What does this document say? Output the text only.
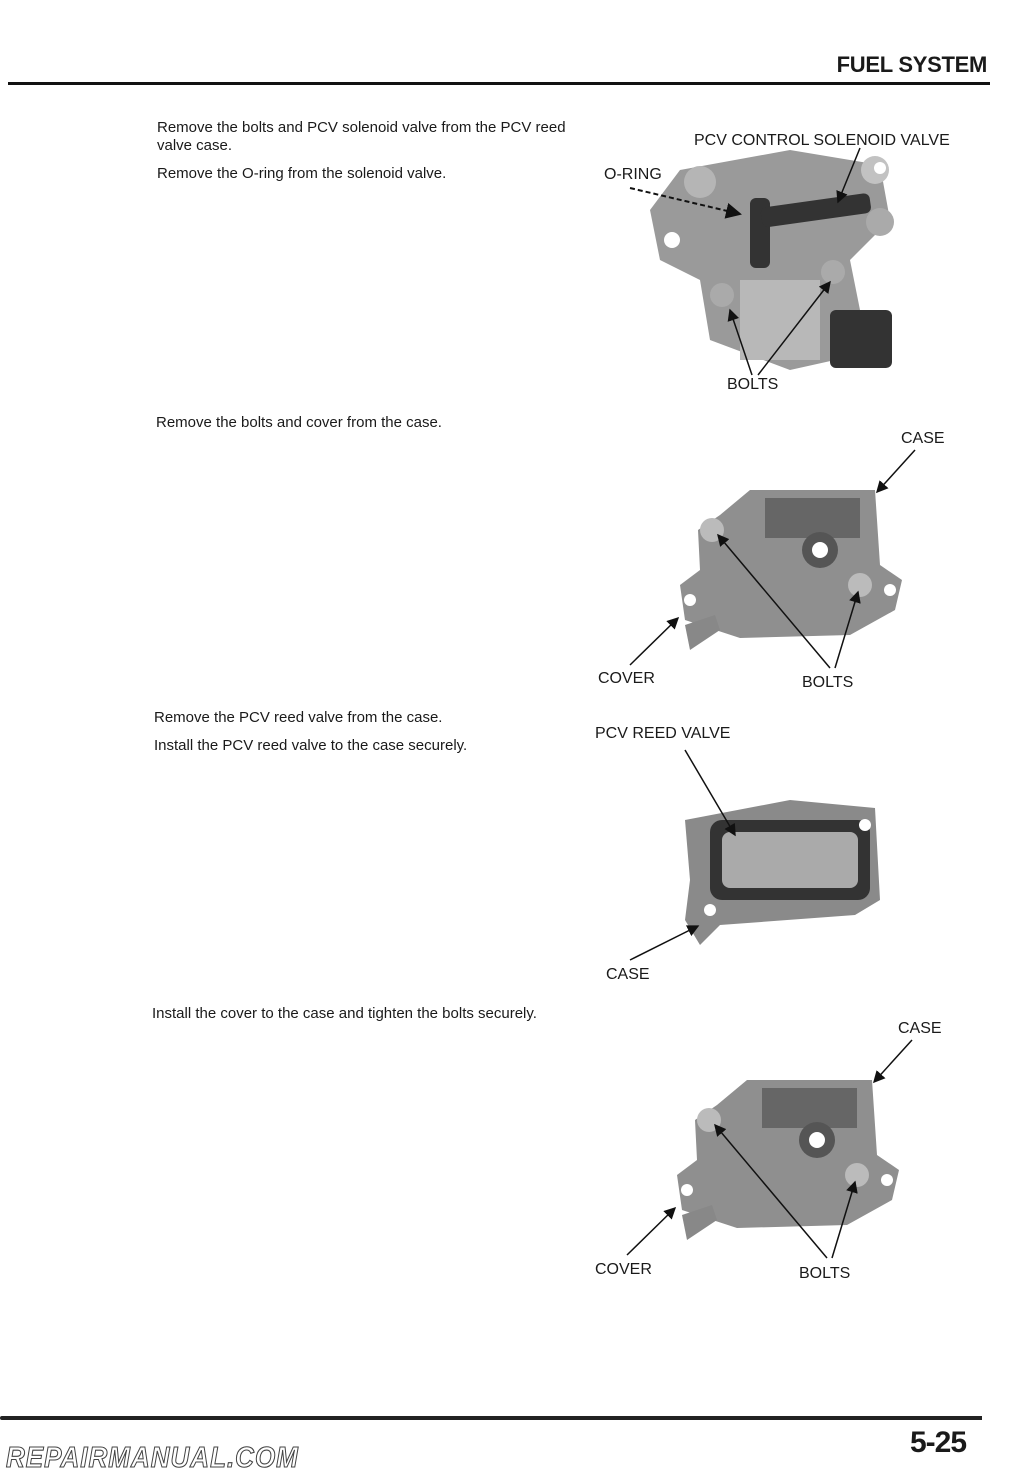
FUEL SYSTEM

Remove the bolts and PCV solenoid valve from the PCV reed valve case.

Remove the O-ring from the solenoid valve.

PCV CONTROL SOLENOID VALVE
O-RING
BOLTS

Remove the bolts and cover from the case.

CASE
COVER	BOLTS

Remove the PCV reed valve from the case.

Install the PCV reed valve to the case securely.

PCV REED VALVE
CASE

Install the cover to the case and tighten the bolts securely.

CASE
COVER	BOLTS
5-25
REPAIRMANUAL.COM
